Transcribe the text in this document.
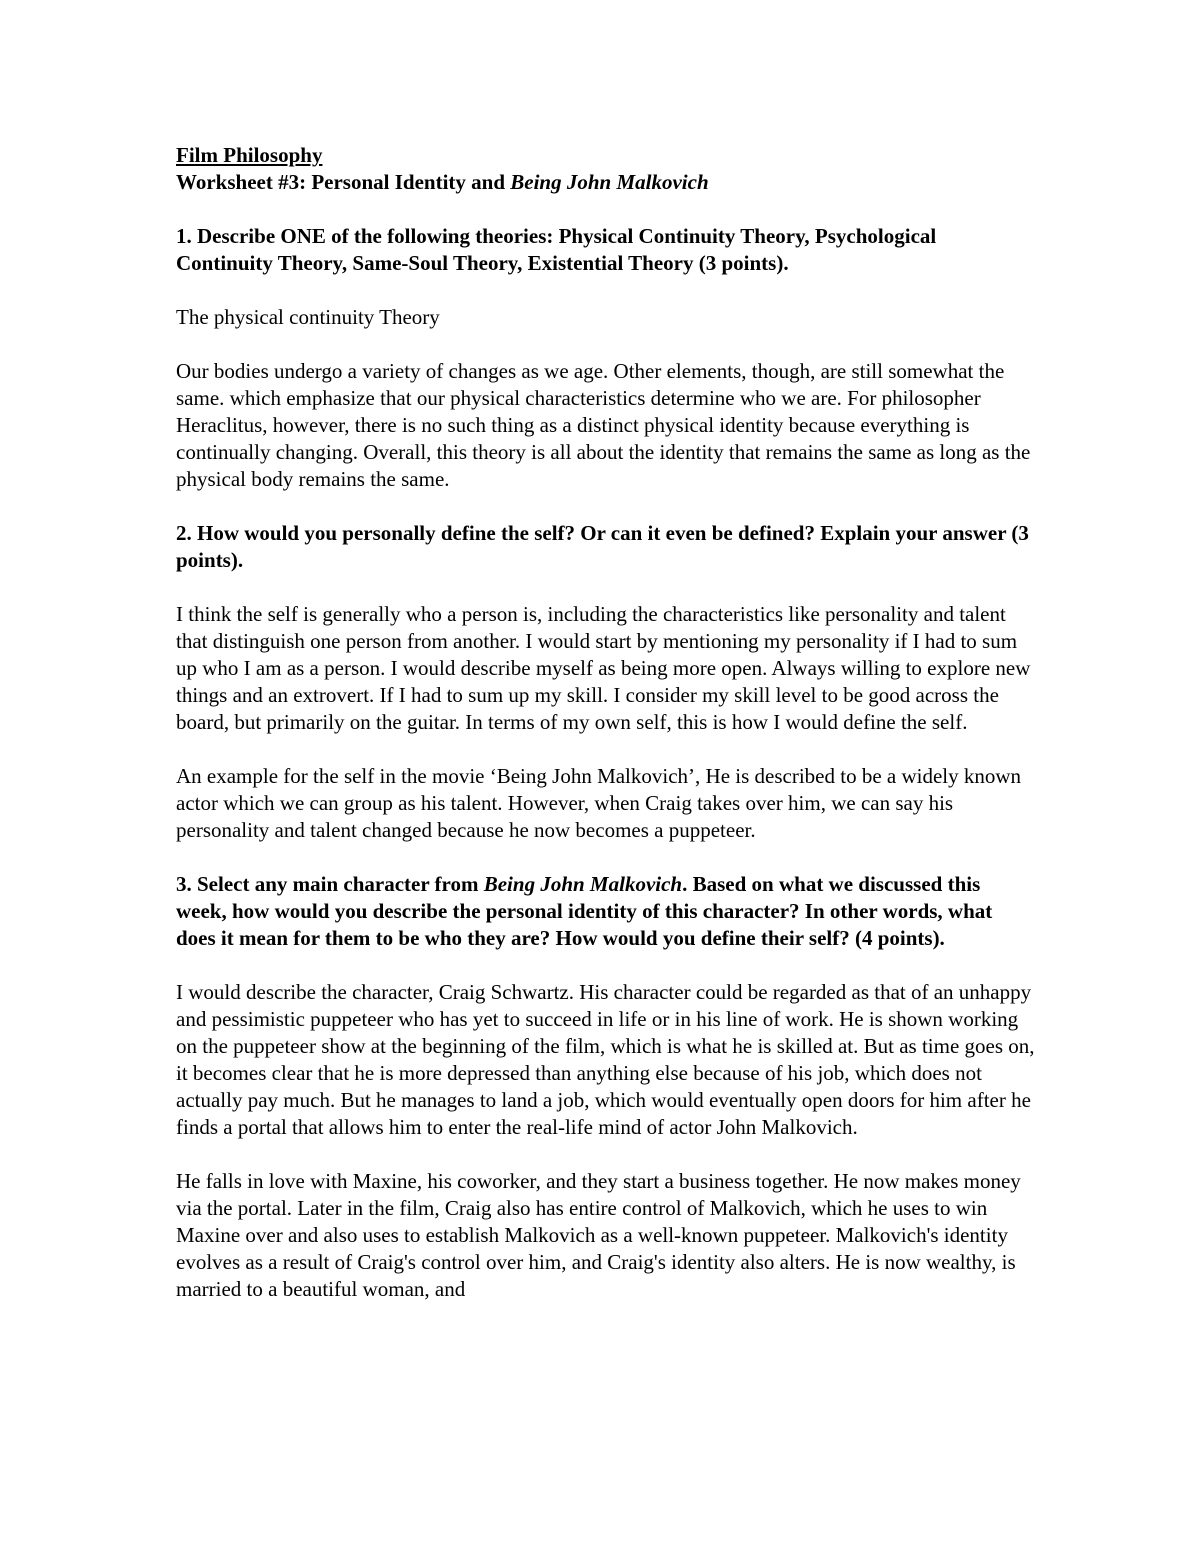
Film Philosophy

Worksheet #3: Personal Identity and Being John Malkovich

1. Describe ONE of the following theories: Physical Continuity Theory, Psychological Continuity Theory, Same-Soul Theory, Existential Theory (3 points).

The physical continuity Theory

Our bodies undergo a variety of changes as we age. Other elements, though, are still somewhat the same. which emphasize that our physical characteristics determine who we are. For philosopher Heraclitus, however, there is no such thing as a distinct physical identity because everything is continually changing. Overall, this theory is all about the identity that remains the same as long as the physical body remains the same.

2. How would you personally define the self? Or can it even be defined? Explain your answer (3 points).

I think the self is generally who a person is, including the characteristics like personality and talent that distinguish one person from another. I would start by mentioning my personality if I had to sum up who I am as a person. I would describe myself as being more open. Always willing to explore new things and an extrovert. If I had to sum up my skill. I consider my skill level to be good across the board, but primarily on the guitar. In terms of my own self, this is how I would define the self.

An example for the self in the movie ‘Being John Malkovich’, He is described to be a widely known actor which we can group as his talent. However, when Craig takes over him, we can say his personality and talent changed because he now becomes a puppeteer.

3. Select any main character from Being John Malkovich. Based on what we discussed this week, how would you describe the personal identity of this character? In other words, what does it mean for them to be who they are? How would you define their self? (4 points).

I would describe the character, Craig Schwartz. His character could be regarded as that of an unhappy and pessimistic puppeteer who has yet to succeed in life or in his line of work. He is shown working on the puppeteer show at the beginning of the film, which is what he is skilled at. But as time goes on, it becomes clear that he is more depressed than anything else because of his job, which does not actually pay much. But he manages to land a job, which would eventually open doors for him after he finds a portal that allows him to enter the real-life mind of actor John Malkovich.

He falls in love with Maxine, his coworker, and they start a business together. He now makes money via the portal. Later in the film, Craig also has entire control of Malkovich, which he uses to win Maxine over and also uses to establish Malkovich as a well-known puppeteer. Malkovich's identity evolves as a result of Craig's control over him, and Craig's identity also alters. He is now wealthy, is married to a beautiful woman, and
